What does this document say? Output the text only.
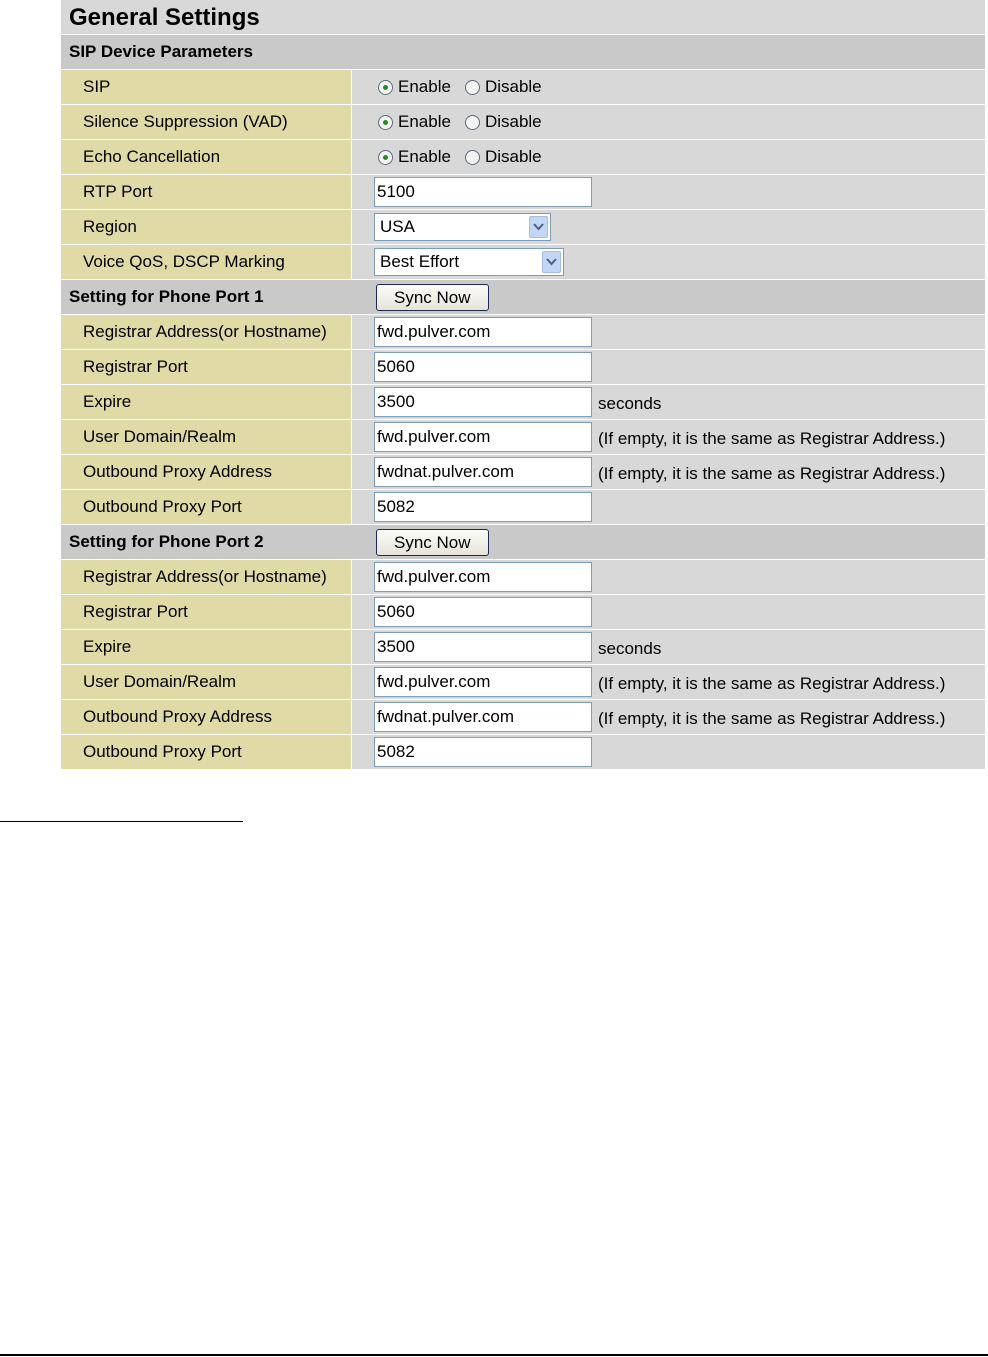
General Settings
SIP Device Parameters
SIP	Enable Disable
Silence Suppression (VAD)	Enable Disable
Echo Cancellation	Enable Disable
RTP Port	5100
Region	USA
Voice QoS, DSCP Marking	Best Effort
Setting for Phone Port 1	Sync Now
Registrar Address(or Hostname)	fwd.pulver.com
Registrar Port	5060
Expire	3500	seconds
User Domain/Realm	fwd.pulver.com	(If empty, it is the same as Registrar Address.)
Outbound Proxy Address	fwdnat.pulver.com	(If empty, it is the same as Registrar Address.)
Outbound Proxy Port	5082
Setting for Phone Port 2	Sync Now
Registrar Address(or Hostname)	fwd.pulver.com
Registrar Port	5060
Expire	3500	seconds
User Domain/Realm	fwd.pulver.com	(If empty, it is the same as Registrar Address.)
Outbound Proxy Address	fwdnat.pulver.com	(If empty, it is the same as Registrar Address.)
Outbound Proxy Port	5082
